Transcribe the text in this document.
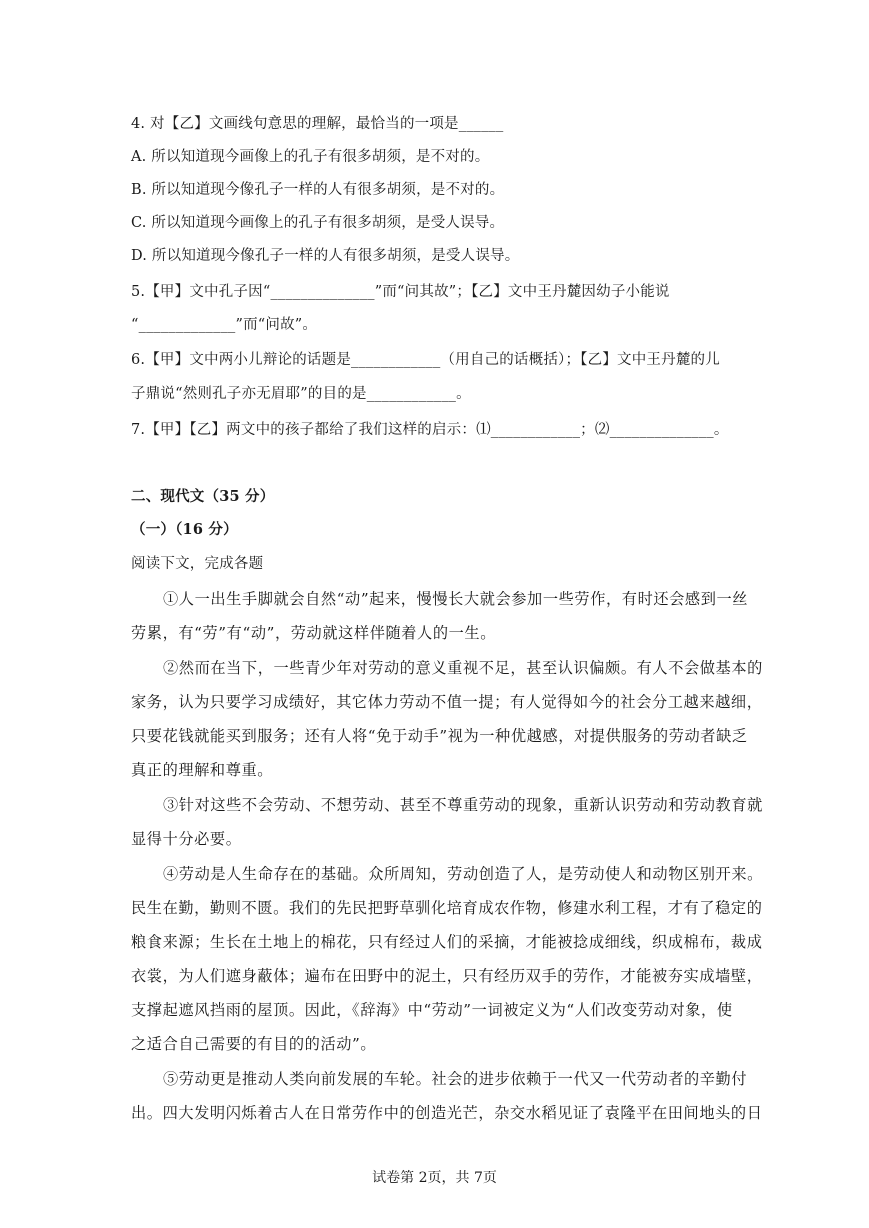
4. 对【乙】文画线句意思的理解，最恰当的一项是______
A. 所以知道现今画像上的孔子有很多胡须，是不对的。
B. 所以知道现今像孔子一样的人有很多胡须，是不对的。
C. 所以知道现今画像上的孔子有很多胡须，是受人误导。
D. 所以知道现今像孔子一样的人有很多胡须，是受人误导。
5.【甲】文中孔子因“______________”而“问其故”；【乙】文中王丹麓因幼子小能说
“_____________”而“问故”。
6.【甲】文中两小儿辩论的话题是____________（用自己的话概括）；【乙】文中王丹麓的儿
子鼎说“然则孔子亦无眉耶”的目的是____________。
7.【甲】【乙】两文中的孩子都给了我们这样的启示：⑴____________；⑵______________。
二、现代文（35 分）
（一）（16 分）
阅读下文，完成各题
①人一出生手脚就会自然“动”起来，慢慢长大就会参加一些劳作，有时还会感到一丝
劳累，有“劳”有“动”，劳动就这样伴随着人的一生。
②然而在当下，一些青少年对劳动的意义重视不足，甚至认识偏颇。有人不会做基本的
家务，认为只要学习成绩好，其它体力劳动不值一提；有人觉得如今的社会分工越来越细，
只要花钱就能买到服务；还有人将“免于动手”视为一种优越感，对提供服务的劳动者缺乏
真正的理解和尊重。
③针对这些不会劳动、不想劳动、甚至不尊重劳动的现象，重新认识劳动和劳动教育就
显得十分必要。
④劳动是人生命存在的基础。众所周知，劳动创造了人，是劳动使人和动物区别开来。
民生在勤，勤则不匮。我们的先民把野草驯化培育成农作物，修建水利工程，才有了稳定的
粮食来源；生长在土地上的棉花，只有经过人们的采摘，才能被捻成细线，织成棉布，裁成
衣裳，为人们遮身蔽体；遍布在田野中的泥土，只有经历双手的劳作，才能被夯实成墙壁，
支撑起遮风挡雨的屋顶。因此，《辞海》中“劳动”一词被定义为“人们改变劳动对象，使
之适合自己需要的有目的的活动”。
⑤劳动更是推动人类向前发展的车轮。社会的进步依赖于一代又一代劳动者的辛勤付
出。四大发明闪烁着古人在日常劳作中的创造光芒，杂交水稻见证了袁隆平在田间地头的日
试卷第 2页，共 7页
